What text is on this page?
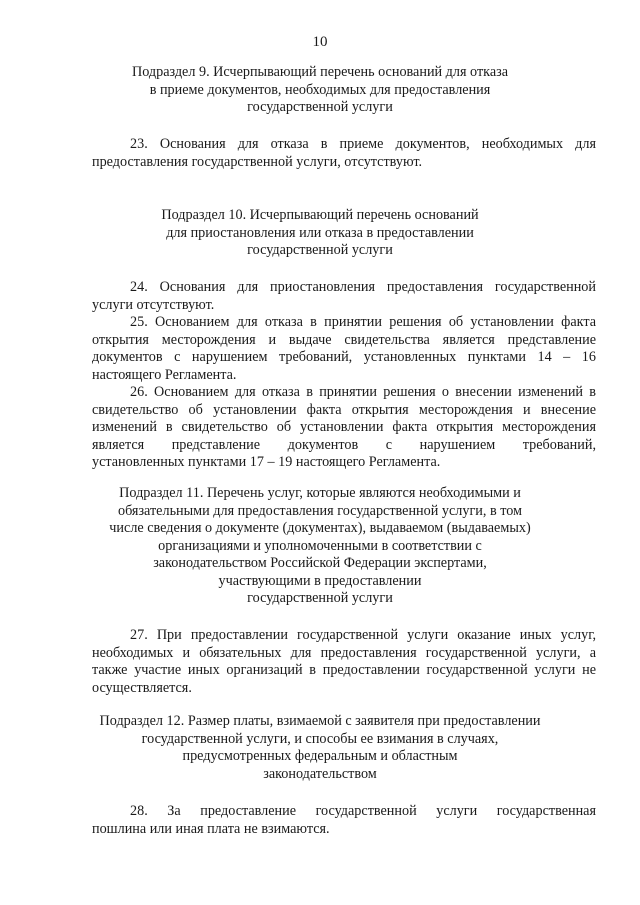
10
Подраздел 9. Исчерпывающий перечень оснований для отказа
в приеме документов, необходимых для предоставления
государственной услуги
23. Основания для отказа в приеме документов, необходимых для
предоставления государственной услуги, отсутствуют.
Подраздел 10. Исчерпывающий перечень оснований
для приостановления или отказа в предоставлении
государственной услуги
24. Основания для приостановления предоставления государственной
услуги отсутствуют.
25. Основанием для отказа в принятии решения об установлении факта
открытия месторождения и выдаче свидетельства является представление
документов с нарушением требований, установленных пунктами 14 – 16
настоящего Регламента.
26. Основанием для отказа в принятии решения о внесении изменений в
свидетельство об установлении факта открытия месторождения и внесение
изменений в свидетельство об установлении факта открытия месторождения
является представление документов с нарушением требований,
установленных пунктами 17 – 19 настоящего Регламента.
Подраздел 11. Перечень услуг, которые являются необходимыми и
обязательными для предоставления государственной услуги, в том
числе сведения о документе (документах), выдаваемом (выдаваемых)
организациями и уполномоченными в соответствии с
законодательством Российской Федерации экспертами,
участвующими в предоставлении
государственной услуги
27. При предоставлении государственной услуги оказание иных услуг,
необходимых и обязательных для предоставления государственной услуги, а
также участие иных организаций в предоставлении государственной услуги не
осуществляется.
Подраздел 12. Размер платы, взимаемой с заявителя при предоставлении
государственной услуги, и способы ее взимания в случаях,
предусмотренных федеральным и областным
законодательством
28. За предоставление государственной услуги государственная
пошлина или иная плата не взимаются.
